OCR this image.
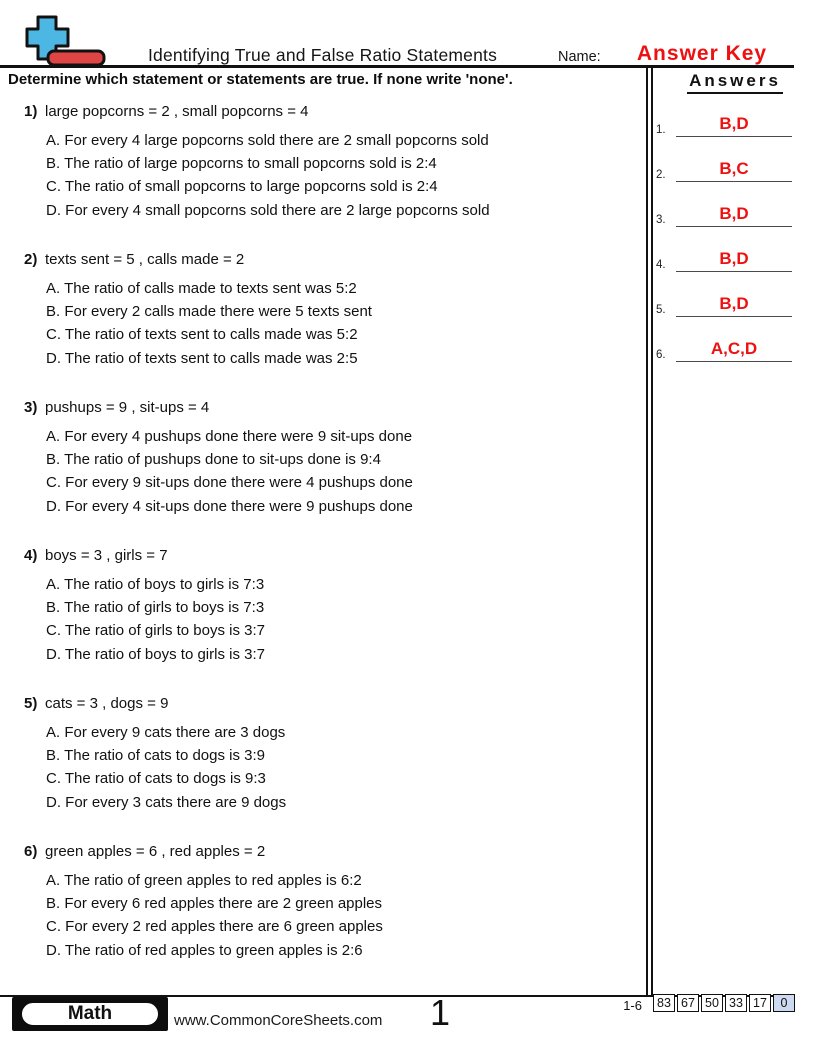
Identifying True and False Ratio Statements	Name:	Answer Key
Determine which statement or statements are true. If none write 'none'.	Answers
1.	B,D
2.	B,C
3.	B,D
4.	B,D
5.	B,D
6.	A,C,D
1) large popcorns = 2 , small popcorns = 4
A. For every 4 large popcorns sold there are 2 small popcorns sold
B. The ratio of large popcorns to small popcorns sold is 2:4
C. The ratio of small popcorns to large popcorns sold is 2:4
D. For every 4 small popcorns sold there are 2 large popcorns sold
2) texts sent = 5 , calls made = 2
A. The ratio of calls made to texts sent was 5:2
B. For every 2 calls made there were 5 texts sent
C. The ratio of texts sent to calls made was 5:2
D. The ratio of texts sent to calls made was 2:5
3) pushups = 9 , sit-ups = 4
A. For every 4 pushups done there were 9 sit-ups done
B. The ratio of pushups done to sit-ups done is 9:4
C. For every 9 sit-ups done there were 4 pushups done
D. For every 4 sit-ups done there were 9 pushups done
4) boys = 3 , girls = 7
A. The ratio of boys to girls is 7:3
B. The ratio of girls to boys is 7:3
C. The ratio of girls to boys is 3:7
D. The ratio of boys to girls is 3:7
5) cats = 3 , dogs = 9
A. For every 9 cats there are 3 dogs
B. The ratio of cats to dogs is 3:9
C. The ratio of cats to dogs is 9:3
D. For every 3 cats there are 9 dogs
6) green apples = 6 , red apples = 2
A. The ratio of green apples to red apples is 6:2
B. For every 6 red apples there are 2 green apples
C. For every 2 red apples there are 6 green apples
D. The ratio of red apples to green apples is 2:6
Math	www.CommonCoreSheets.com	1	1-6	83 67 50 33 17	0
